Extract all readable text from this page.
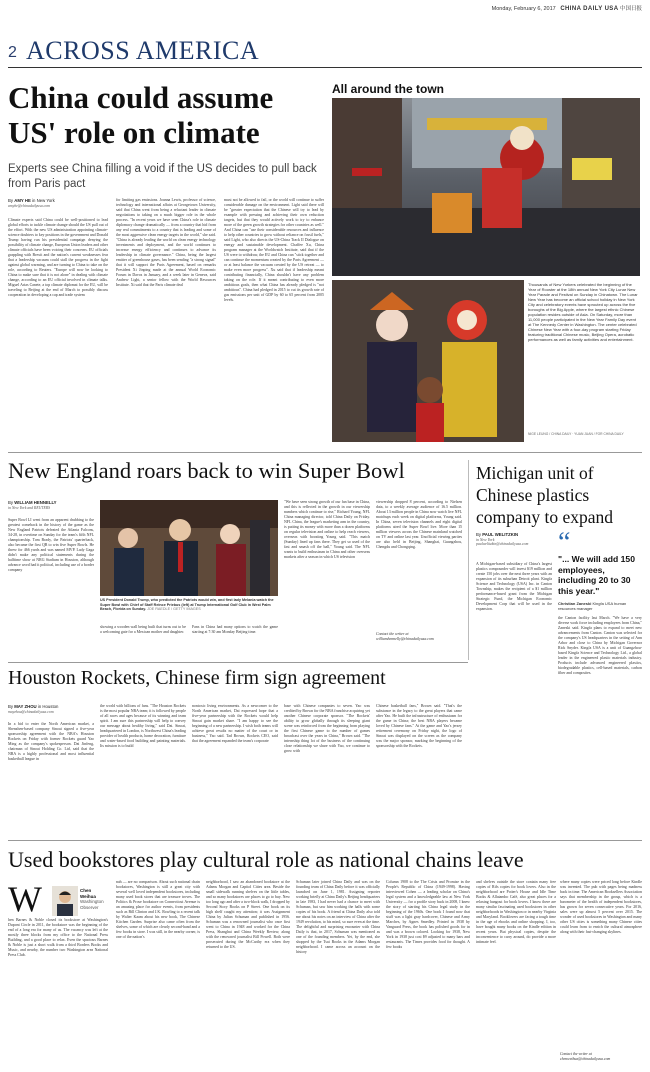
Monday, February 6, 2017 CHINA DAILY USA 中国日报
2 ACROSS AMERICA
China could assume US' role on climate
Experts see China filling a void if the US decides to pull back from Paris pact
By AMY HE in New York
amyhe@chinadailyusa.com
Climate experts said China could be well-positioned to lead global efforts to tackle climate change should the US pull out of the effort. With the new US administration appointing climate-science doubters to key positions in the government and Donald Trump having run his presidential campaign denying the possibility of climate change, European Union leaders and other climate officials have been voicing their concerns. EU officials grappling with Brexit and the nation's current weaknesses fear that a leadership vacuum could stall the progress in the fight against global warming, and are turning to China to take on the role, according to Reuters. "Europe will now be looking to China to make sure that it is not alone" in dealing with climate change, according to an EU official involved in climate talks. Miguel Arias Canete, a top climate diplomat for the EU, will be traveling to Beijing at the end of March to possibly discuss cooperation in developing a cap and trade system
for limiting gas emissions. Joanna Lewis, professor of science, technology and international affairs at Georgetown University, said that China went from being a reluctant leader in climate negotiations to taking on a much bigger role in the whole process. "In recent years we have seen China's role in climate diplomacy change dramatically — from a country that hid from any real commitments to a country that is leading and some of the most aggressive clean energy targets in the world," she said. "China is already leading the world on clean energy technology investments and deployment, and the world continues to increase energy efficiency and continues to advance its leadership in climate governance." China, being the largest emitter of greenhouse gases, has been sending "a strong signal" that it will support the Paris Agreement, based on remarks President Xi Jinping made at the annual World Economic Forum in Davos in January, and a week later in Geneva, said Andrew Light, a senior fellow with the World Resources Institute. Xi said that the Paris climate deal
must not be allowed to fail, or the world will continue to suffer considerable damage on the environment. Light said there will be "greater expectation that the Chinese will try to lead by example with pressing and achieving their own reduction targets, but that they would actively work to try to enhance more of the green growth strategies for other countries as well." And China can "use their considerable resources and influence to help other countries to grow without reliance on fossil fuels," said Light, who also directs the US-China Track II Dialogue on energy and sustainable development. Chaffee Xu, China program manager at the Worldwatch Institute, said that if the US were to withdraw, the EU and China can "stick together and can continue the momentum created by the Paris Agreement — or at least balance the vacuum created by the US retreat — to make even more progress". Xu said that if leadership meant contributing financially, China shouldn't have any problem taking on the role. If it meant contributing to even more ambitious goals, then what China has already pledged is "not ambitious". China had pledged in 2015 to cut its growth rate of gas emissions per unit of GDP by 60 to 65 percent from 2005 levels.
All around the town
Thousands of New Yorkers celebrated the beginning of the Year of Rooster at the 18th annual New York City Lunar New Year Parade and Festival on Sunday in Chinatown. The Lunar New Year has become an official school holiday in New York City and celebratory events have sprouted up across the five boroughs of the Big Apple, where the largest ethnic Chinese population resides outside of Asia. On Saturday, more than 11,000 people participated in the New Year Family Day event at The Kennedy Center in Washington. The center celebrated Chinese New Year with a four-day program starting Friday featuring traditional Chinese music, Beijing Opera, acrobatic performances as well as family activities and entertainment.
NIGE LEUNG / CHINA DAILY · YUAN JUAN / FOR CHINA DAILY
New England roars back to win Super Bowl
By WILLIAM HENNELLY
in New York and REUTERS
Super Bowl LI went from an apparent drubbing to the greatest comeback in the history of the game as the New England Patriots defeated the Atlanta Falcons, 34-28, in overtime on Sunday for the team's fifth NFL championship. Tom Brady, the Patriots' quarterback, also became the first QB to win five Super Bowls. He threw for 466 yards and was named MVP. Lady Gaga didn't make any political statements during the halftime show at NRG Stadium in Houston, although advance word had it political, including use of a border company
US President Donald Trump, who predicted the Patriots would win, and first lady Melania watch the Super Bowl with Chief of Staff Reince Priebus (left) at Trump International Golf Club in West Palm Beach, Florida on Sunday. JOE RAEDLE / GETTY IMAGES
showing a wooden wall being built that turns out to be a welcoming gate for a Mexican mother and daughter.
Fans in China had many options to watch the game starting at 7:30 am Monday Beijing time.
"We have seen strong growth of our fan base in China, and this is reflected in the growth in our viewership numbers which continue to rise," Richard Young, NFL China managing director, told China Daily on Friday. NFL China, the league's marketing arm in the country, is putting its money with more than a dozen platforms on regular television and online to help reach viewers, overseas with boosting Young said. "This match (Sunday) lined up fans there. They get so used of the fast and smash off the ball," Young said. The NFL wants to build enthusiasm in China and other overseas markets after a season in which US television
viewership dropped 8 percent, according to Nielsen data, to a weekly average audience of 16.5 million. About 13 million people in China now watch live NFL matchups each week on digital platforms, Young said. In China, seven television channels and eight digital platforms aired the Super Bowl live. More than 15 million viewers across the Chinese mainland watched on TV and online last year. Unofficial viewing parties are also held in Beijing, Shanghai, Guangzhou, Chengdu and Chongqing.
Contact the writer at williamhennelly@chinadailyusa.com
Michigan unit of Chinese plastics company to expand
By PAUL WELITZKIN
in New York
paulwelitzkin@chinadailyusa.com
A Michigan-based subsidiary of China's largest plastics compounder will invest $19 million and create 150 jobs over the next three years with an expansion of its suburban Detroit plant. Kingfa Science and Technology (USA) Inc. in Canton Township, makes the recipient of a $1 million performance-based grant from the Michigan Strategic Fund, the Michigan Economic Development Corp that will be used in the expansion.
“
"... We will add 150 employees, including 20 to 30 this year."
Christian Zaneski Kingfa USA human resources manager
the Canton facility last March. "We have a very diverse work force including employees from China," Zaneski said. Kingfa plans to expand to meet new advancements from Canton. Canton was selected for the company's US headquarters in the setting of Ann Arbor and close to China by Michigan Governor Rick Snyder. Kingfa USA is a unit of Guangzhou-based Kingfa Science and Technology Ltd., a global leader in the engineered plastic materials industry. Products include advanced engineered plastics, biodegradable plastics, cell-based materials, carbon fiber and composites.
Houston Rockets, Chinese firm sign agreement
By MAY ZHOU in Houston
mayzhou@chinadailyusa.com
In a bid to enter the North American market, a Shenzhen-based company Sinoai signed a five-year sponsorship agreement with the NBA's Houston Rockets on Friday with former Rockets guard Yao Ming as the company's spokesperson. Dai Jinfeng, chairman of Sinoai Holding Co. Ltd, said that the NBA is a highly professional and most influential basketball league in
the world with billions of fans. "The Houston Rockets is the most popular NBA team; it is followed by people of all races and ages because of its winning and team spirit. I am sure this partnership will help to convey our message about healthy living," said Dai. Sinoai, headquartered in London, is Northwest China's leading provider of health products, home decoration, furniture and water-based food building and painting materials. Its mission is to build
nontoxic living environments. As a newcomer to the North American market, Dai expressed hope that a five-year partnership with the Rockets would help Sinoai gain market share. "I am happy to see the beginning of a new partnership. I wish both teams will achieve great results no matter of the court or in business," Yao said. Tad Brown, Rockets CEO, said that the agreement expanded the team's corporate
base with Chinese companies to seven. Yao was credited by Brown for the NBA franchise acquiring yet another Chinese corporate sponsor. "The Rockets' ability to grow globally through its sleeping giant scene was reinforced from the beginning from playing the first Chinese game to the number of games broadcast over the years in China," Brown said. "The internship thing lot of the business of the continuing close relationship we share with Yao, we continue to grow with
Chinese basketball fans," Brown said. "That's the substance in the legacy to the great players that came after Yao. He built the infrastructure of enthusiasm for the game in China; the best NBA players became loved by Chinese fans." At the game and Yao's jersey retirement ceremony on Friday night, the logo of Sinoai was displayed on the screen as the company was the major sponsor, marking the beginning of the sponsorship with the Rockets.
Used bookstores play cultural role as national chains leave
W	Chen Weihua
Washington Observer
hen Barnes & Noble closed its bookstore at Washington's Dupont Circle in 2011, the bookstore was the beginning of the end of a long era for many of us. The vacancy was left at the mostly three blocks from my office to the National Press Building, and a good place to relax. Even the spacious Barnes & Noble is just a short walk from a third Borders Books and Music, and nearby, the number two Washington area National Press Club.
nah — are no comparison. About such national chain bookstores, Washington is still a great city with several well loved independent bookstores, including many used book stores that are treasure troves. The Politics & Prose bookstore on Connecticut Avenue is an amazing place for author events, from presidents such as Bill Clinton and J.K. Rowling to a recent talk by Walter Kaam about his new book, The Chinese Kitchen Garden. Surprise also came often from the shelves, some of which are clearly second-hand and a few books in store. I was still, in the nearby corner, is one of the nation's
neighborhood, I saw an abandoned bookstore at the Adams Morgan and Capitol Cities area. Beside the small sidewalk running shelves on the little tables, and so many bookstores are places to go to buy. New too long ago and after a two-block walk, I dropped by Second Story Books on P Street. One book on its high shelf caught my attention; it was Assignment China by Julian Schuman and published in 1956. Schuman was a renowned journalist who once first went to China in 1948 and worked for the China Press, Shanghai and China Weekly Review, along with the renowned journalist Bill Powell. Both were prosecuted during the McCarthy era when they returned to the US.
Schuman later joined China Daily and was on the founding team of China Daily before it was officially launched on June 1, 1981. Assigning reporter working briefly at China Daily's Beijing headquarters in late 1983, I had never had a chance to meet with Schuman, but saw him working the halls with some copies of his book. A friend at China Daily also told me about his notes on an interview of China after the 1949 revolution, to his mind, so sure even at the time. The delightful and surprising encounter with China Daily is that, in 2017, Schuman was mentioned as one of the founding members. Yet, by the end, she shopped by the Tsai Books in the Adams Morgan neighborhood. I came across an account on the history
Column 1908 to the The Crisis and Promise in the People's Republic of China (1949-1998). Having interviewed Cohen — a leading scholar on China's legal system and a knowledgeable law at New York University — for a profile story back in 2008, I knew the story of starting his China legal study in the beginning of the 1960s. One book I found now that stuff was a light gray hardcover, Chinese and Army Marches, by Agnes Smedley. Printed in 1938 by Vanguard Press, the book has polished goods for in and was a brown colored. Looking for 1938, New York in 1938 just cost $9 adjusted to many bars and restaurants. The Times provides food for thought. A few books
and shelves outside the store contain many free copies of Rifs copies for book lovers. Also in the neighborhood are Potter's House and Idle Time Books & Allatambo Café, also great places for a relaxing hangout for book lovers. I know there are many similar fascinating used bookstores in other neighborhoods in Washington or in nearby Virginia and Maryland. Booklovers are facing a tough time in the age of ebooks and online shopping. I, too, have bought many books on the Kindle edition in recent years. But physical copies, despite the inconvenience to carry around, do provide a more intimate feel.
where many copies were priced long before Kindle was invented. The pub with pages being madness back in time. The American Booksellers Association says that membership in the group, which is a barometer of the health of independent bookstores, has grown for seven consecutive years. For 2016, sales were up almost 5 percent over 2015. The wonder of used bookstores in Washington and many other US cities is something many Chinese cities could learn from to enrich the cultural atmosphere along with their fast-changing skylines.
Contact the writer at chenweihua@chinadailyusa.com
